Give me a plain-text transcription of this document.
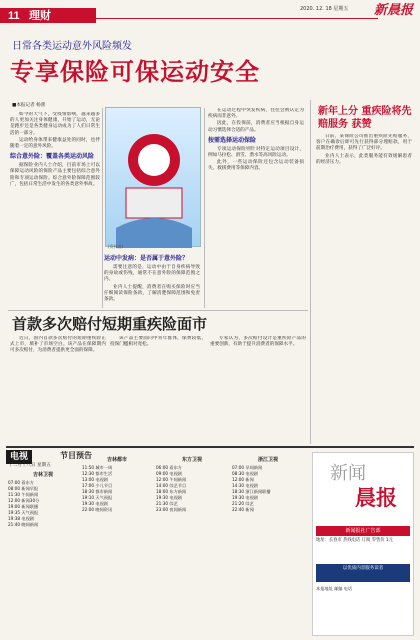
11 理财
2020. 12. 18 星期五 新晨报
日常各类运动意外风险频发
专享保险可保运动安全
■本报记者 杨蕾

如今的天气下，受疫情影响，越来越多的人更加关注身体健康，开始了运动，无论是跑步还是各类健身运动成为了人们日常生活的一部分。

运动给身体带来健康益处的同时，也伴随着一定的意外风险。

综合意外险：覆盖各类运动风险

据保险业内人士介绍，目前市场上可以保障运动风险的保险产品主要包括综合意外险和专项运动保险。综合意外险保障范围较广，包括日常生活中发生的各类意外事故。

(资料图)
运动中发病：是否属于意外险？

需要注意的是，运动中由于自身疾病导致的身故或伤残，通常不在意外险的保障范围之内。

业内人士提醒，消费者在购买保险时应当仔细阅读保险条款，了解清楚保障范围和免责条款。

在运动过程中突发疾病，往往会被认定为疾病而非意外。

因此，在投保前，消费者应当根据自身运动习惯选择合适的产品。

按需选择运动保险

专项运动保险则针对特定运动项目设计，例如马拉松、滑雪、潜水等高风险运动。

此外，一些运动保险还包含运动装备损失、救援费用等保障内容。

新年上分 重疾险将先赔服务 获赞

日前，某保险公司推出重疾险先赔服务，客户在确诊后即可先行获得部分理赔款，用于前期治疗费用，获得了广泛好评。

业内人士表示，此类服务能有效缓解患者的经济压力。

首款多次赔付短期重疾险面市

近日，国内首款多次赔付的短期重疾险正式上市，填补了市场空白。该产品在保障期内可多次赔付，为消费者提供更全面的保障。

该产品主要面向中青年群体，保费较低，投保门槛相对宽松。

专家认为，多次赔付设计是重疾险产品的重要创新，有助于提升消费者的保障水平。

电视	节目预告
十二月十八日 星期五
吉林卫视
07:00 看东方
08:00 新闻早报
11:30 午间新闻
12:00 新闻30分
19:00 新闻联播
19:35 天气预报
19:38 电视剧
21:40 晚间新闻
吉林都市
11:50 城市一周
12:30 都市生活
13:00 电视剧
17:00 少儿节目
18:30 都市新闻
19:10 天气预报
19:30 电视剧
22:00 晚间资讯
东方卫视
06:00 看东方
09:00 电视剧
12:00 午间新闻
14:00 综艺节目
18:00 东方新闻
19:30 电视剧
21:30 综艺
23:00 夜间新闻
浙江卫视
07:00 早间新闻
08:30 电视剧
12:00 新闻
14:30 电视剧
18:30 浙江新闻联播
19:30 电视剧
21:20 综艺
22:40 新闻
新闻
晨报
新闻报社广告部
地址：长春市 热线电话 订阅 零售价 1元
以优质内容服务读者
本报地址 邮编 电话
